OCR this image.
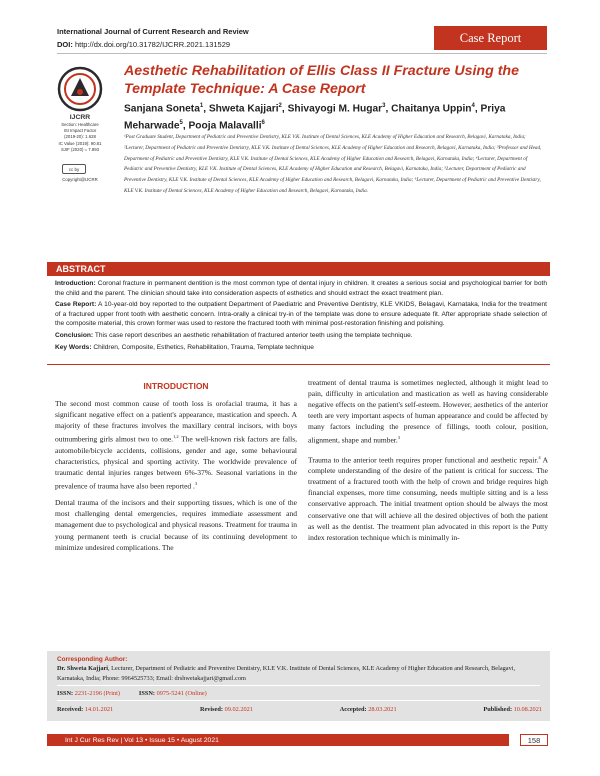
International Journal of Current Research and Review
DOI: http://dx.doi.org/10.31782/IJCRR.2021.131529	Case Report
IJCRR
Section: Healthcare
ISI Impact Factor
(2019-20): 1.628
IC Value (2019): 90.81
SJIF (2020) = 7.893
cc by
Copyright@IJCRR
Aesthetic Rehabilitation of Ellis Class II Fracture Using the Template Technique: A Case Report
Sanjana Soneta$^1$, Shweta Kajjari$^2$, Shivayogi M. Hugar$^3$, Chaitanya Uppin$^4$, Priya Meharwade$^5$, Pooja Malavalli$^6$
¹Post Graduate Student, Department of Pediatric and Preventive Dentistry, KLE V.K. Institute of Dental Sciences, KLE Academy of Higher Education and Research, Belagavi, Karnataka, India; ²Lecturer, Department of Pediatric and Preventive Dentistry, KLE V.K. Institute of Dental Sciences, KLE Academy of Higher Education and Research, Belagavi, Karnataka, India; ³Professor and Head, Department of Pediatric and Preventive Dentistry, KLE V.K. Institute of Dental Sciences, KLE Academy of Higher Education and Research, Belagavi, Karnataka, India; ⁴Lecturer, Department of Pediatric and Preventive Dentistry, KLE V.K. Institute of Dental Sciences, KLE Academy of Higher Education and Research, Belagavi, Karnataka, India; ⁵Lecturer, Department of Pediatric and Preventive Dentistry, KLE V.K. Institute of Dental Sciences, KLE Academy of Higher Education and Research, Belagavi, Karnataka, India; ⁶Lecturer, Department of Pediatric and Preventive Dentistry, KLE V.K. Institute of Dental Sciences, KLE Academy of Higher Education and Research, Belagavi, Karnataka, India.
ABSTRACT

Introduction: Coronal fracture in permanent dentition is the most common type of dental injury in children. It creates a serious social and psychological barrier for both the child and the parent. The clinician should take into consideration aspects of esthetics and should extract the exact treatment plan.

Case Report: A 10-year-old boy reported to the outpatient Department of Paediatric and Preventive Dentistry, KLE VKIDS, Belagavi, Karnataka, India for the treatment of a fractured upper front tooth with aesthetic concern. Intra-orally a clinical try-in of the template was done to ensure adequate fit. After appropriate shade selection of the composite material, this crown former was used to restore the fractured tooth with minimal post-restoration finishing and polishing.

Conclusion: This case report describes an aesthetic rehabilitation of fractured anterior teeth using the template technique.

Key Words: Children, Composite, Esthetics, Rehabilitation, Trauma, Template technique

INTRODUCTION

The second most common cause of tooth loss is orofacial trauma, it has a significant negative effect on a patient's appearance, mastication and speech. A majority of these fractures involves the maxillary central incisors, with boys outnumbering girls almost two to one.$^{1,2}$ The well-known risk factors are falls, automobile/bicycle accidents, collisions, gender and age, some behavioural characteristics, physical and sporting activity. The worldwide prevalence of traumatic dental injuries ranges between 6%-37%. Seasonal variations in the prevalence of trauma have also been reported .$^3$

Dental trauma of the incisors and their supporting tissues, which is one of the most challenging dental emergencies, requires immediate assessment and management due to psychological and physical reasons. Treatment for trauma in young permanent teeth is crucial because of its continuing development to minimize undesired complications. The

treatment of dental trauma is sometimes neglected, although it might lead to pain, difficulty in articulation and mastication as well as having considerable negative effects on the patient's self-esteem. However, aesthetics of the anterior teeth are very important aspects of human appearance and could be affected by many factors including the presence of fillings, tooth colour, position, alignment, shape and number.$^3$

Trauma to the anterior teeth requires proper functional and aesthetic repair.$^4$ A complete understanding of the desire of the patient is critical for success. The treatment of a fractured tooth with the help of crown and bridge requires high financial expenses, more time consuming, needs multiple sitting and is a less conservative approach. The initial treatment option should be always the most conservative one that will achieve all the desired objectives of both the patient as well as the dentist. The treatment plan advocated in this report is the Putty index restoration technique which is minimally in-

Corresponding Author:
Dr. Shweta Kajjari, Lecturer, Department of Pediatric and Preventive Dentistry, KLE V.K. Institute of Dental Sciences, KLE Academy of Higher Education and Research, Belagavi, Karnataka, India; Phone: 9964525733; Email: drshwetakajjari@gmail.com
ISSN: 2231-2196 (Print)	ISSN: 0975-5241 (Online)
Received: 14.01.2021	Revised: 09.02.2021	Accepted: 28.03.2021	Published: 10.08.2021
Int J Cur Res Rev | Vol 13 • Issue 15 • August 2021	158
